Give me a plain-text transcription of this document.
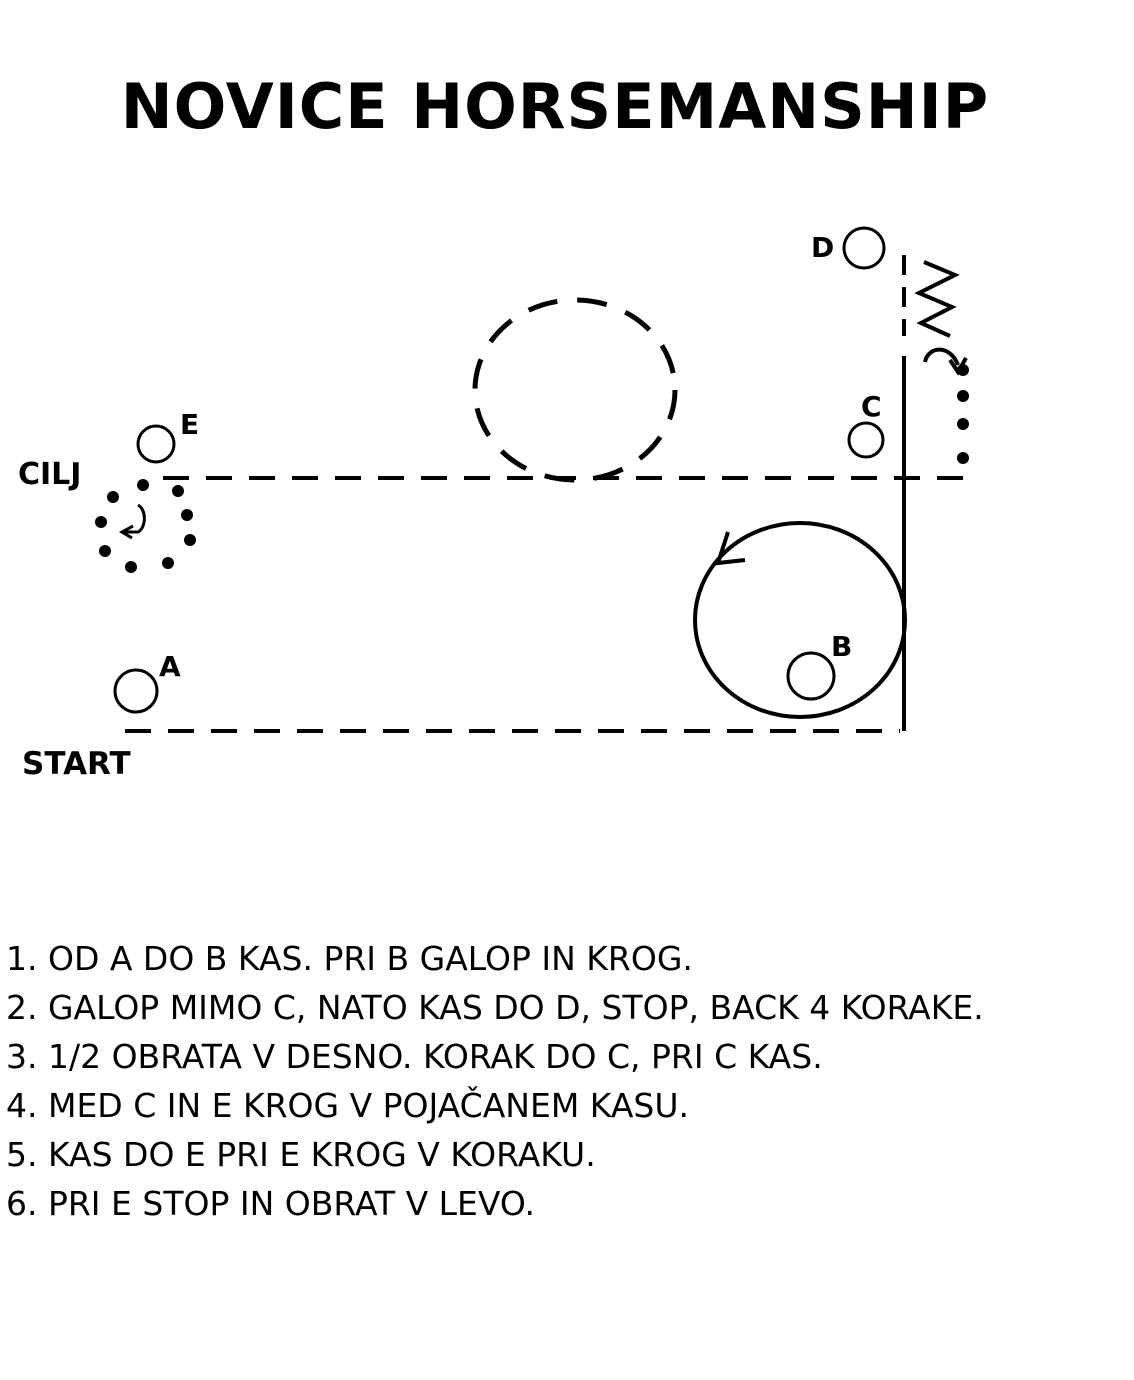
NOVICE HORSEMANSHIP
A
B
C
D
E
CILJ
START
1. OD A DO B KAS. PRI B GALOP IN KROG.
2. GALOP MIMO C, NATO KAS DO D, STOP, BACK 4 KORAKE.
3. 1/2 OBRATA V DESNO. KORAK DO C, PRI C KAS.
4. MED C IN E KROG V POJAČANEM KASU.
5. KAS DO E PRI E KROG V KORAKU.
6. PRI E STOP IN OBRAT V LEVO.
